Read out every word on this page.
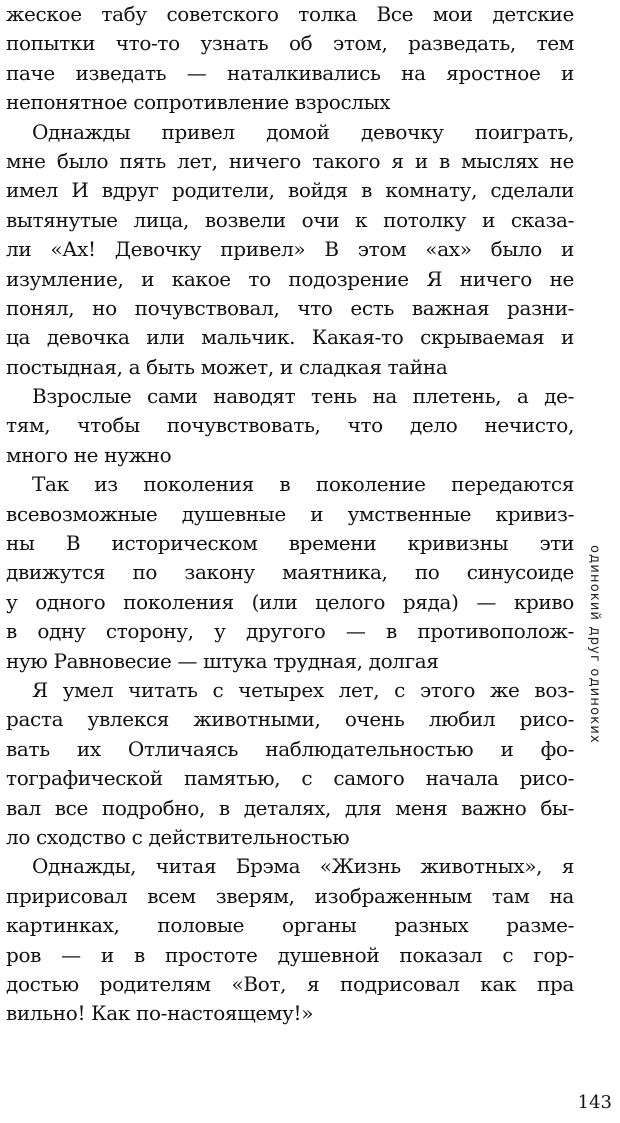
жеское табу советского толка Все мои детские
попытки что-то узнать об этом, разведать, тем
паче изведать — наталкивались на яростное и
непонятное сопротивление взрослых
Однажды привел домой девочку поиграть,
мне было пять лет, ничего такого я и в мыслях не
имел И вдруг родители, войдя в комнату, сделали
вытянутые лица, возвели очи к потолку и сказа-
ли «Ах! Девочку привел» В этом «ах» было и
изумление, и какое то подозрение Я ничего не
понял, но почувствовал, что есть важная разни-
ца девочка или мальчик. Какая-то скрываемая и
постыдная, а быть может, и сладкая тайна
Взрослые сами наводят тень на плетень, а де-
тям, чтобы почувствовать, что дело нечисто,
много не нужно
Так из поколения в поколение передаются
всевозможные душевные и умственные кривиз-
ны В историческом времени кривизны эти
движутся по закону маятника, по синусоиде
у одного поколения (или целого ряда) — криво
в одну сторону, у другого — в противополож-
ную Равновесие — штука трудная, долгая
Я умел читать с четырех лет, с этого же воз-
раста увлекся животными, очень любил рисо-
вать их Отличаясь наблюдательностью и фо-
тографической памятью, с самого начала рисо-
вал все подробно, в деталях, для меня важно бы-
ло сходство с действительностью
Однажды, читая Брэма «Жизнь животных», я
пририсовал всем зверям, изображенным там на
картинках, половые органы разных разме-
ров — и в простоте душевной показал с гор-
достью родителям «Вот, я подрисовал как пра
вильно! Как по-настоящему!»
одинокий друг одиноких
143
